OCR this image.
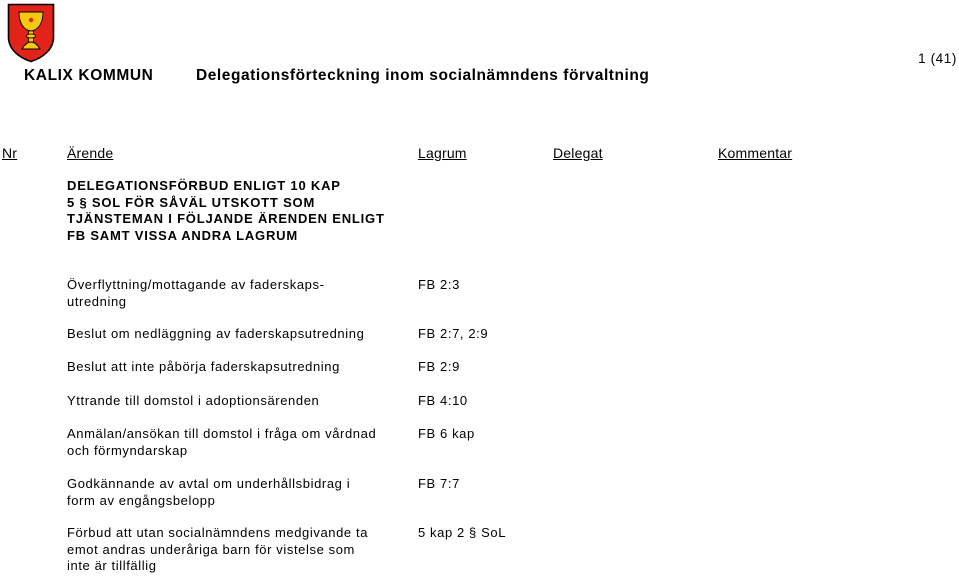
KALIX KOMMUN	Delegationsförteckning inom socialnämndens förvaltning
1 (41)
Nr	Ärende	Lagrum	Delegat	Kommentar
DELEGATIONSFÖRBUD ENLIGT 10 KAP
5 § SOL FÖR SÅVÄL UTSKOTT SOM
TJÄNSTEMAN I FÖLJANDE ÄRENDEN ENLIGT
FB SAMT VISSA ANDRA LAGRUM
Överflyttning/mottagande av faderskaps-
utredning
FB 2:3
Beslut om nedläggning av faderskapsutredning	FB 2:7, 2:9
Beslut att inte påbörja faderskapsutredning	FB 2:9
Yttrande till domstol i adoptionsärenden	FB 4:10
Anmälan/ansökan till domstol i fråga om vårdnad
och förmyndarskap
FB 6 kap
Godkännande av avtal om underhållsbidrag i
form av engångsbelopp
FB 7:7
Förbud att utan socialnämndens medgivande ta
emot andras underåriga barn för vistelse som
inte är tillfällig
5 kap 2 § SoL
